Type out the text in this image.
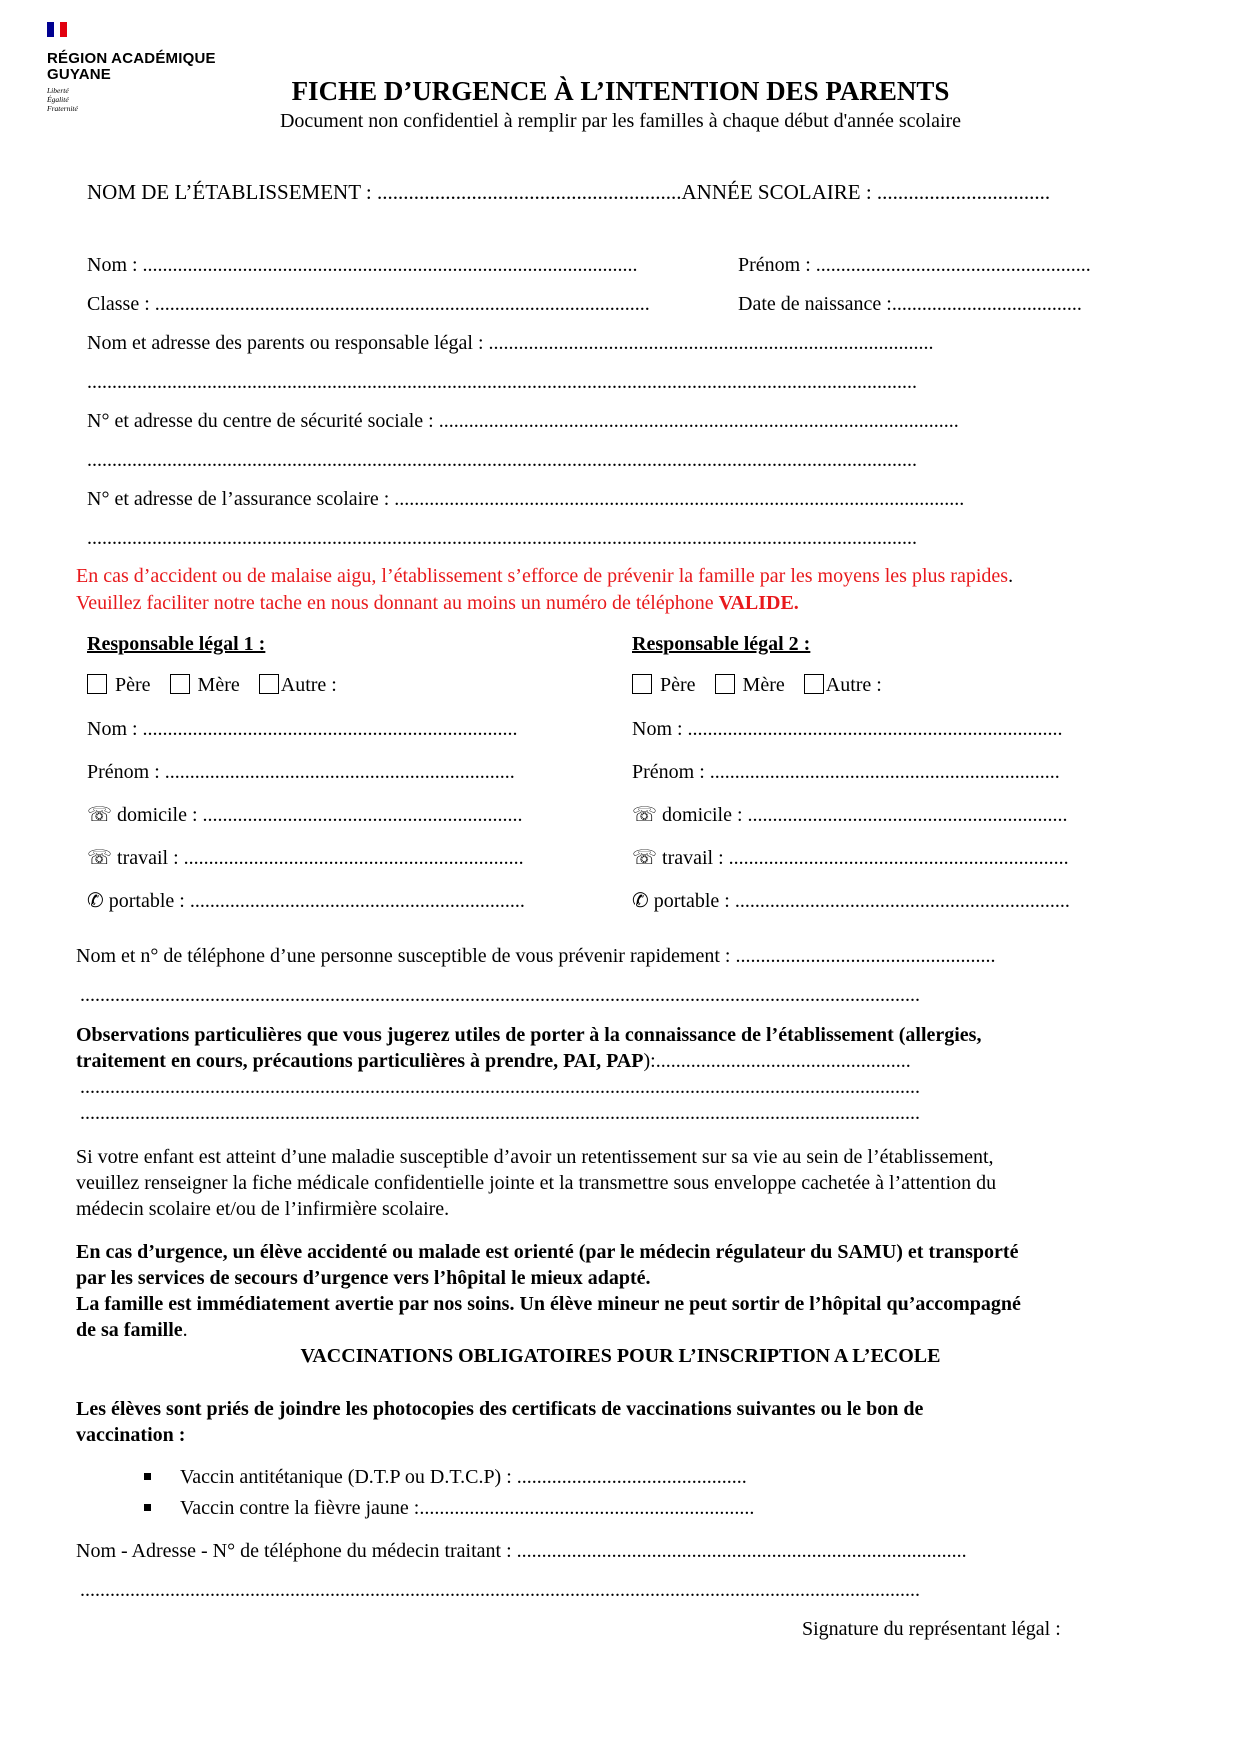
RÉGION ACADÉMIQUE
GUYANE
Liberté
Égalité
Fraternité
FICHE D’URGENCE À L’INTENTION DES PARENTS
Document non confidentiel à remplir par les familles à chaque début d'année scolaire
NOM DE L’ÉTABLISSEMENT : ..........................................................ANNÉE SCOLAIRE : .................................
Nom : ...................................................................................................	Prénom : .......................................................
Classe : ...................................................................................................	Date de naissance :......................................
Nom et adresse des parents ou responsable légal : .........................................................................................
......................................................................................................................................................................
N° et adresse du centre de sécurité sociale : ........................................................................................................
......................................................................................................................................................................
N° et adresse de l’assurance scolaire : ..................................................................................................................
......................................................................................................................................................................
En cas d’accident ou de malaise aigu, l’établissement s’efforce de prévenir la famille par les moyens les plus rapides.
Veuillez faciliter notre tache en nous donnant au moins un numéro de téléphone VALIDE.
Responsable légal 1 :
Père Mère Autre :
Nom : ...........................................................................
Prénom : ......................................................................
☏ domicile : ................................................................
☏ travail : ....................................................................
✆ portable : ...................................................................
Responsable légal 2 :
Père Mère Autre :
Nom : ...........................................................................
Prénom : ......................................................................
☏ domicile : ................................................................
☏ travail : ....................................................................
✆ portable : ...................................................................
Nom et n° de téléphone d’une personne susceptible de vous prévenir rapidement : ....................................................
........................................................................................................................................................................
Observations particulières que vous jugerez utiles de porter à la connaissance de l’établissement (allergies,
traitement en cours, précautions particulières à prendre, PAI, PAP):...................................................
........................................................................................................................................................................
........................................................................................................................................................................
Si votre enfant est atteint d’une maladie susceptible d’avoir un retentissement sur sa vie au sein de l’établissement,
veuillez renseigner la fiche médicale confidentielle jointe et la transmettre sous enveloppe cachetée à l’attention du
médecin scolaire et/ou de l’infirmière scolaire.
En cas d’urgence, un élève accidenté ou malade est orienté (par le médecin régulateur du SAMU) et transporté
par les services de secours d’urgence vers l’hôpital le mieux adapté.
La famille est immédiatement avertie par nos soins. Un élève mineur ne peut sortir de l’hôpital qu’accompagné
de sa famille.
VACCINATIONS OBLIGATOIRES POUR L’INSCRIPTION A L’ECOLE
Les élèves sont priés de joindre les photocopies des certificats de vaccinations suivantes ou le bon de
vaccination :
Vaccin antitétanique (D.T.P ou D.T.C.P) : ..............................................
Vaccin contre la fièvre jaune :...................................................................
Nom - Adresse - N° de téléphone du médecin traitant : ..........................................................................................
........................................................................................................................................................................
Signature du représentant légal :
